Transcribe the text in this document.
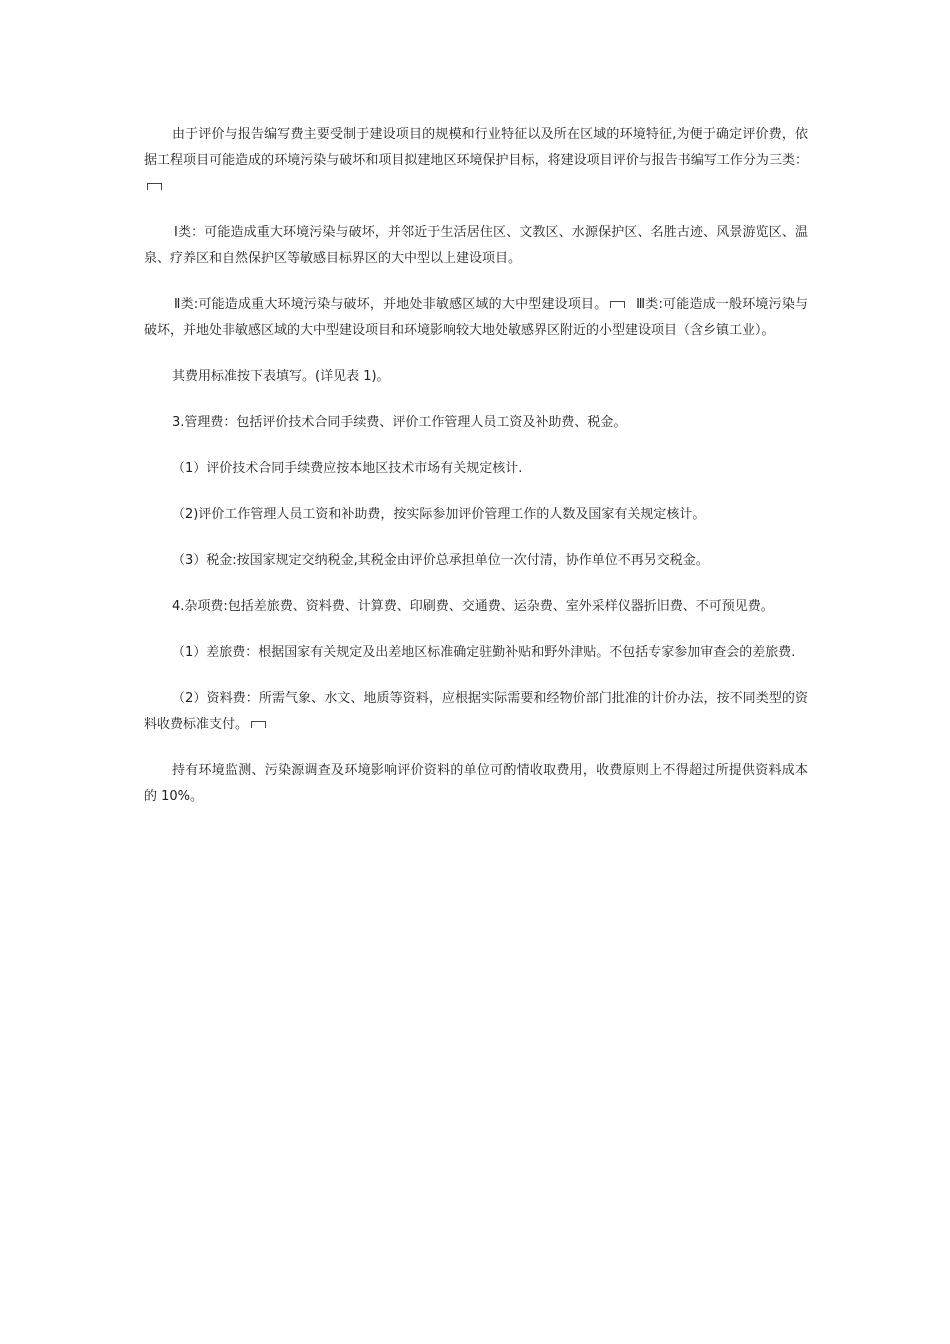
由于评价与报告编写费主要受制于建设项目的规模和行业特征以及所在区域的环境特征,为便于确定评价费，依据工程项目可能造成的环境污染与破坏和项目拟建地区环境保护目标，将建设项目评价与报告书编写工作分为三类：

Ⅰ类：可能造成重大环境污染与破坏，并邻近于生活居住区、文教区、水源保护区、名胜古迹、风景游览区、温泉、疗养区和自然保护区等敏感目标界区的大中型以上建设项目。

Ⅱ类:可能造成重大环境污染与破坏，并地处非敏感区域的大中型建设项目。 Ⅲ类:可能造成一般环境污染与破坏，并地处非敏感区域的大中型建设项目和环境影响较大地处敏感界区附近的小型建设项目（含乡镇工业）。

其费用标准按下表填写。(详见表 1)。

3.管理费：包括评价技术合同手续费、评价工作管理人员工资及补助费、税金。

（1）评价技术合同手续费应按本地区技术市场有关规定核计.

（2)评价工作管理人员工资和补助费，按实际参加评价管理工作的人数及国家有关规定核计。

（3）税金:按国家规定交纳税金,其税金由评价总承担单位一次付清，协作单位不再另交税金。

4.杂项费:包括差旅费、资料费、计算费、印刷费、交通费、运杂费、室外采样仪器折旧费、不可预见费。

（1）差旅费：根据国家有关规定及出差地区标准确定驻勤补贴和野外津贴。不包括专家参加审查会的差旅费.

（2）资料费：所需气象、水文、地质等资料，应根据实际需要和经物价部门批准的计价办法，按不同类型的资料收费标准支付。

持有环境监测、污染源调查及环境影响评价资料的单位可酌情收取费用，收费原则上不得超过所提供资料成本的 10%。
